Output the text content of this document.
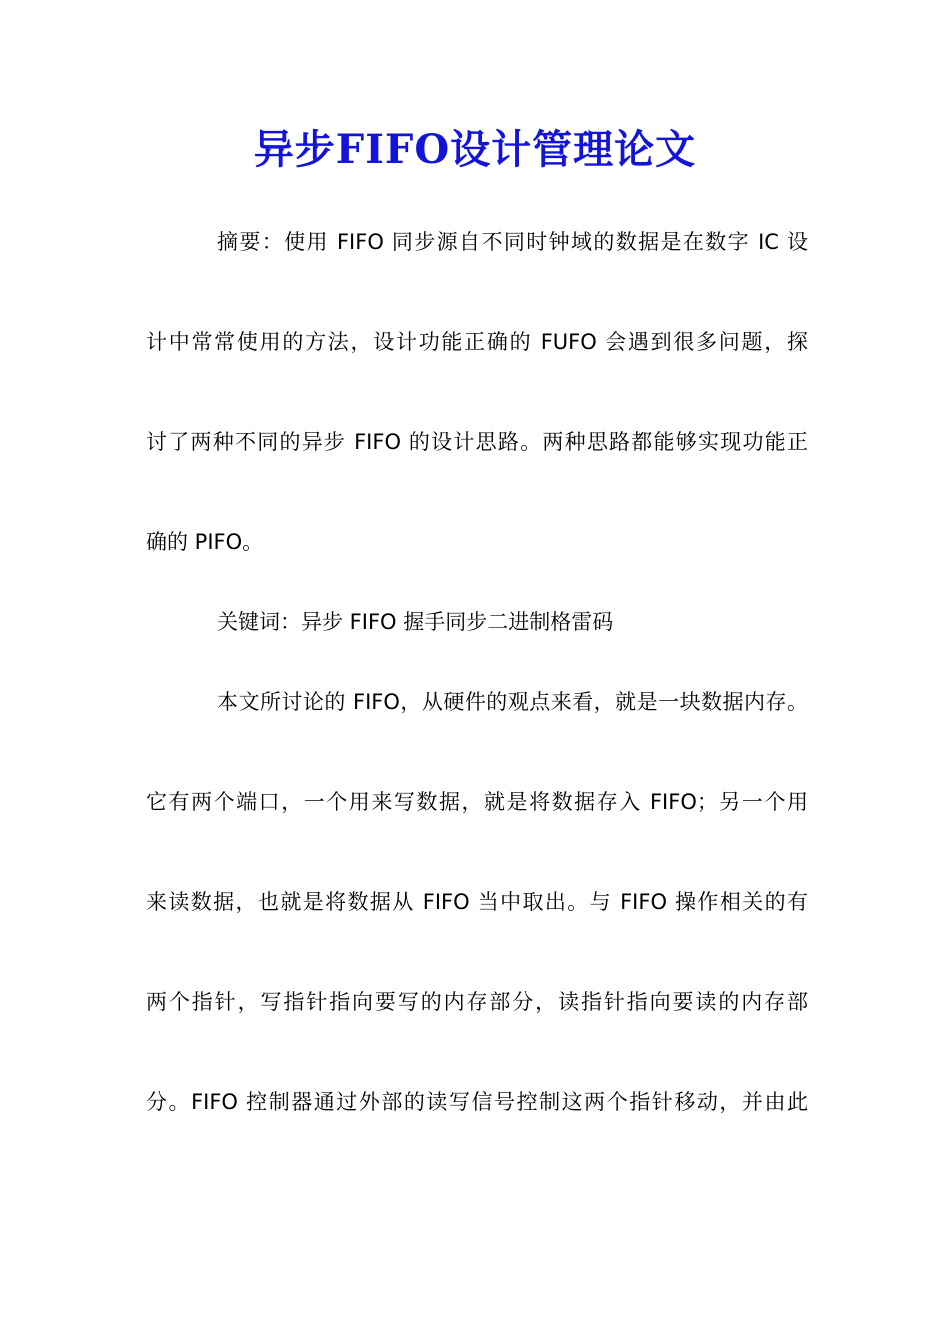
异步FIFO设计管理论文
摘要：使用 FIFO 同步源自不同时钟域的数据是在数字 IC 设
计中常常使用的方法，设计功能正确的 FUFO 会遇到很多问题，探
讨了两种不同的异步 FIFO 的设计思路。两种思路都能够实现功能正
确的 PIFO。
关键词：异步 FIFO 握手同步二进制格雷码
本文所讨论的 FIFO，从硬件的观点来看，就是一块数据内存。
它有两个端口，一个用来写数据，就是将数据存入 FIFO；另一个用
来读数据，也就是将数据从 FIFO 当中取出。与 FIFO 操作相关的有
两个指针，写指针指向要写的内存部分，读指针指向要读的内存部
分。FIFO 控制器通过外部的读写信号控制这两个指针移动，并由此
